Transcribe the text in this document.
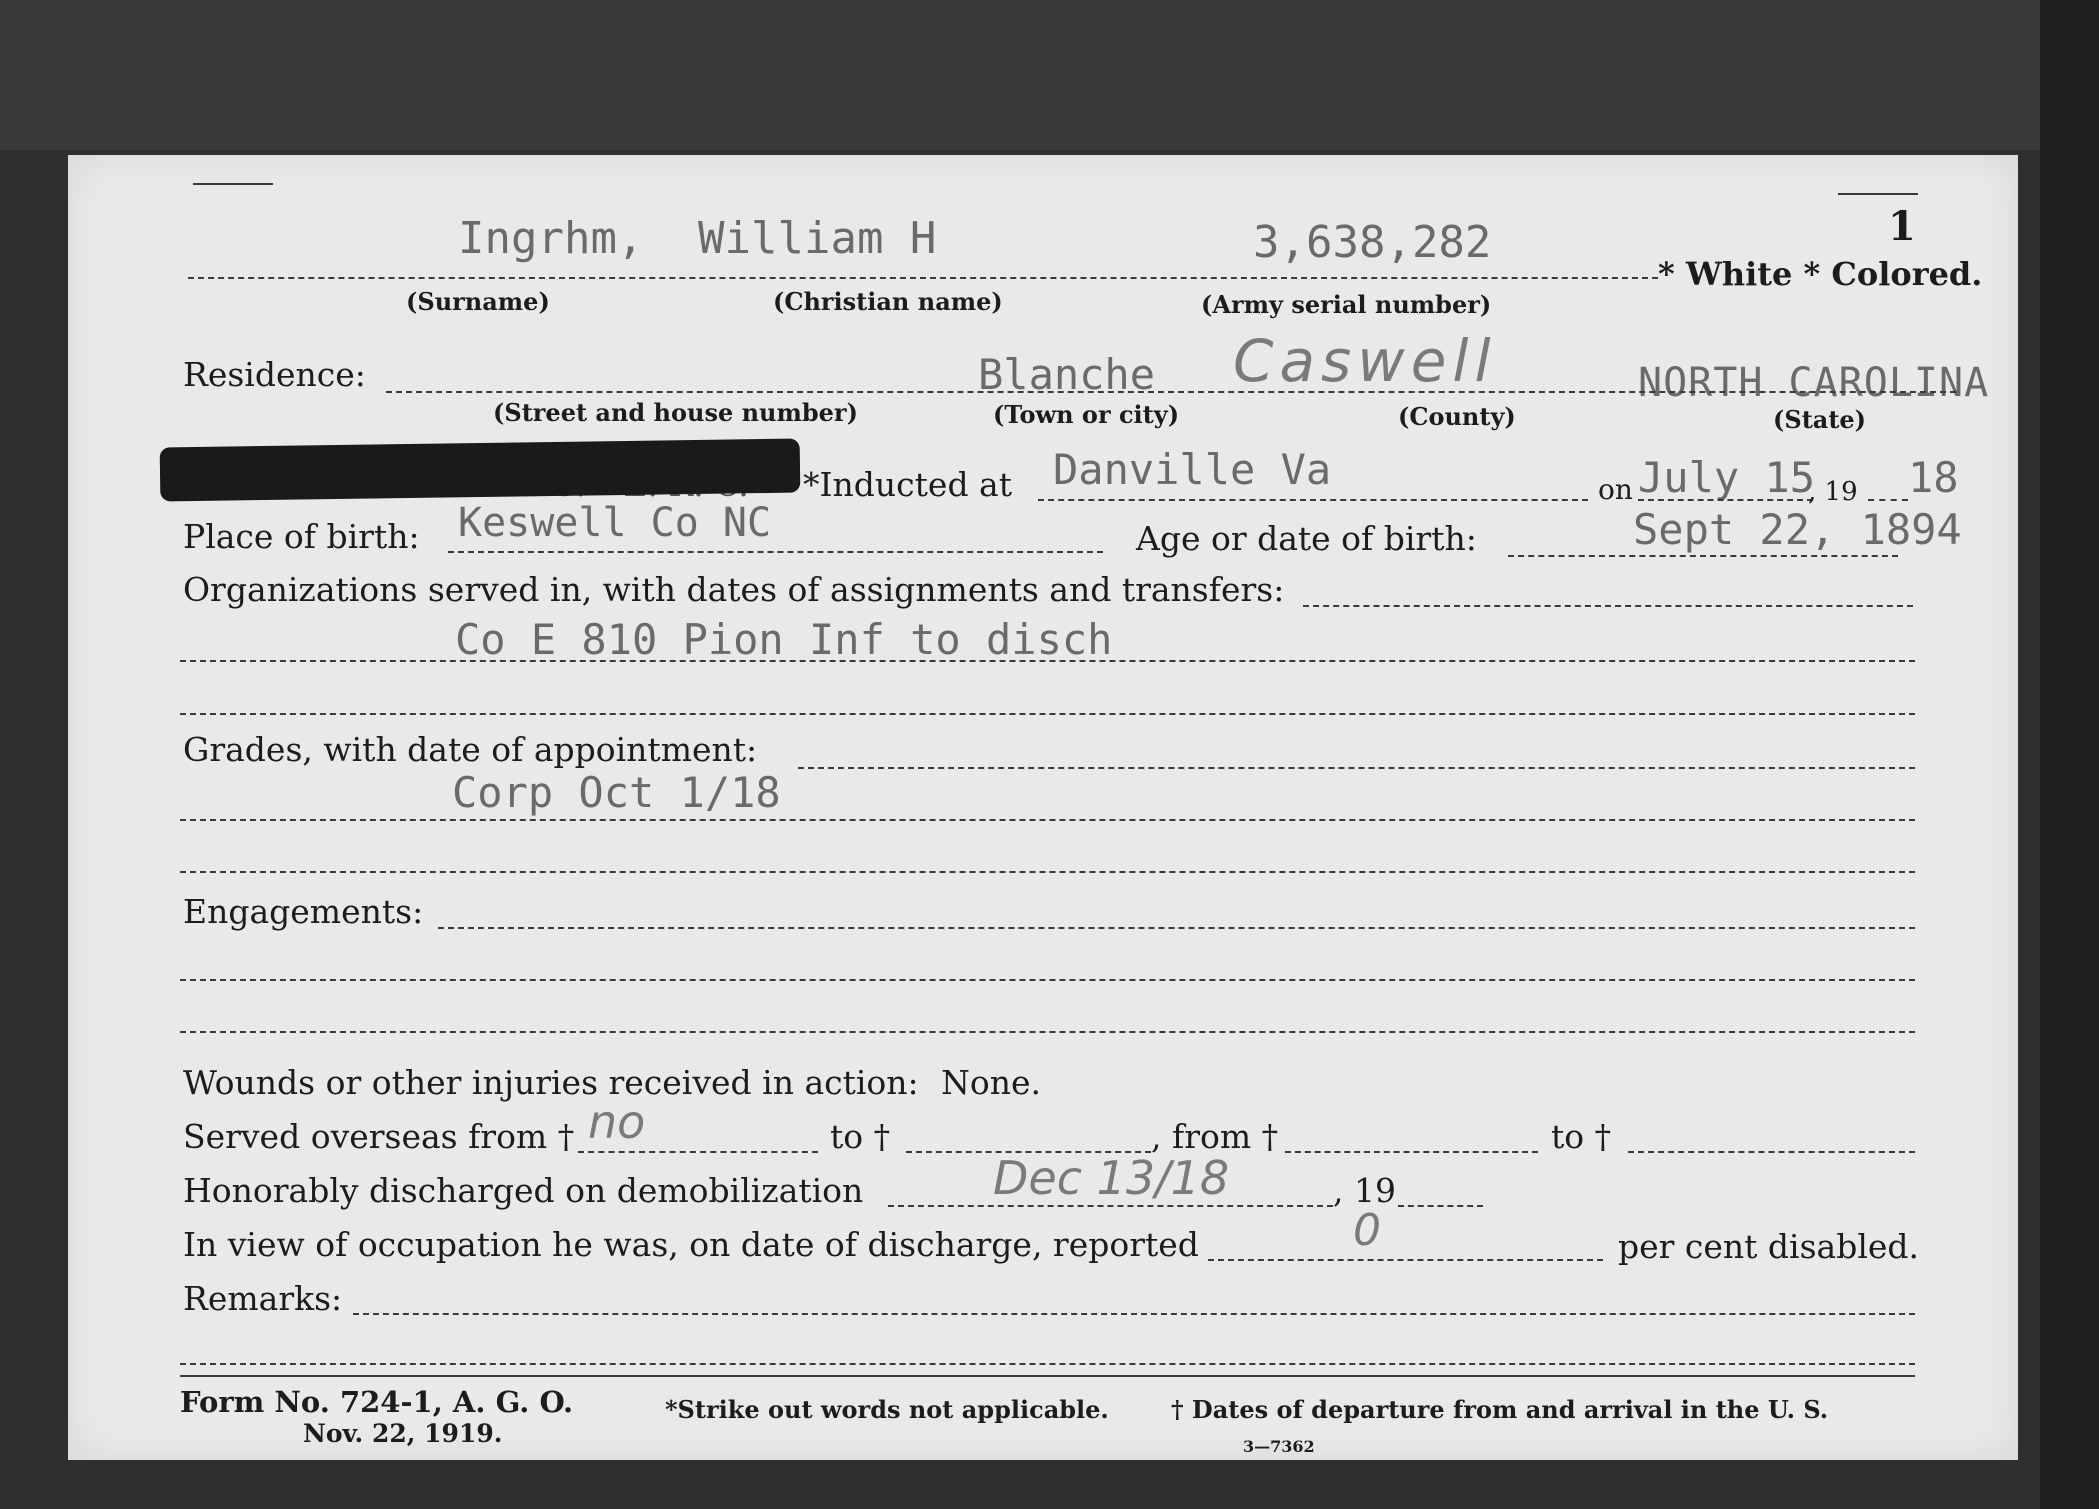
1
Ingrhm, William H	3,638,282
* White * Colored.
(Surname)	(Christian name)	(Army serial number)
Residence:	Blanche Caswell	NORTH CAROLINA
(Street and house number)	(Town or city)	(County)	(State)
*Inducted at Danville Va	on July 15
, 19 18
Place of birth: Keswell Co NC	Age or date of birth:	Sept 22, 1894
Organizations served in, with dates of assignments and transfers:
Co E 810 Pion Inf to disch
Grades, with date of appointment:
Corp Oct 1/18
Engagements:
Wounds or other injuries received in action: None.
Served overseas from † no	to †	, from †	to †
Honorably discharged on demobilization	Dec 13/18	, 19
In view of occupation he was, on date of discharge, reported	0	per cent disabled.
Remarks:
Form No. 724-1, A. G. O.
Nov. 22, 1919.
*Strike out words not applicable.	† Dates of departure from and arrival in the U. S.
3—7362
